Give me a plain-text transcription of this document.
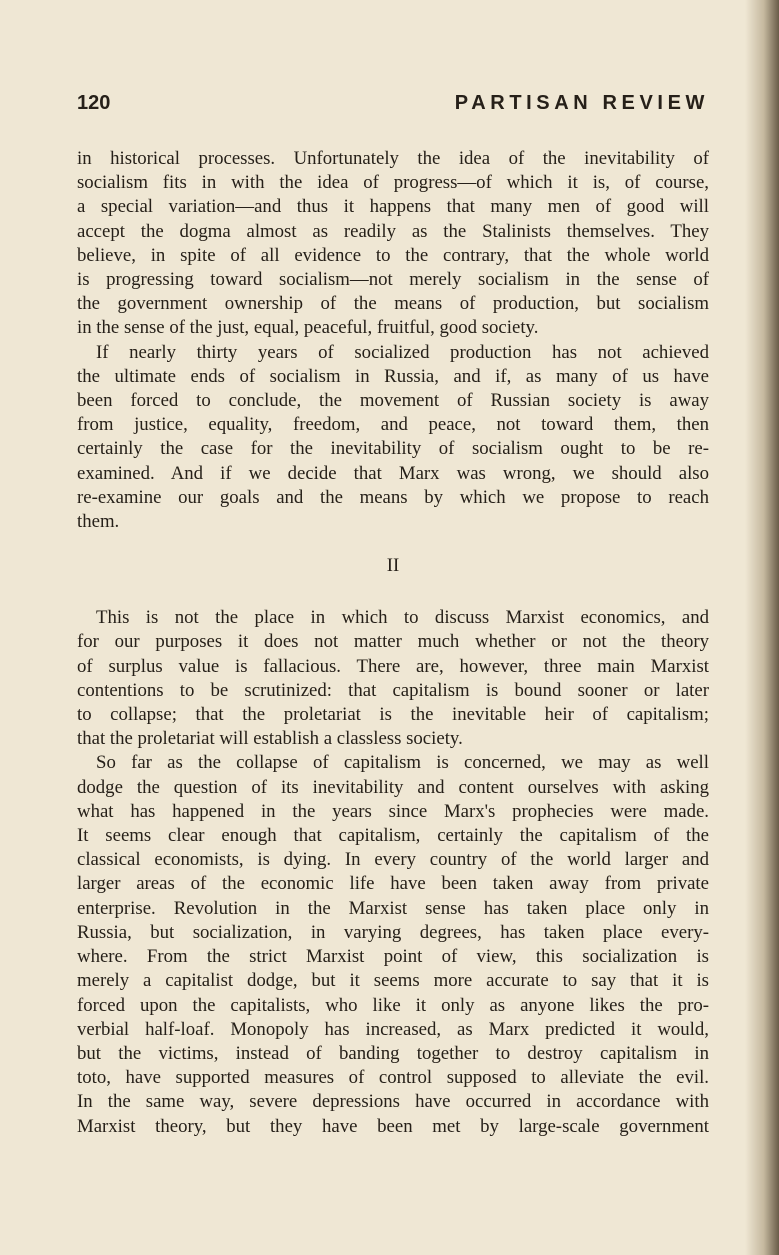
120	PARTISAN REVIEW
in historical processes. Unfortunately the idea of the inevitability of
socialism fits in with the idea of progress—of which it is, of course,
a special variation—and thus it happens that many men of good will
accept the dogma almost as readily as the Stalinists themselves. They
believe, in spite of all evidence to the contrary, that the whole world
is progressing toward socialism—not merely socialism in the sense of
the government ownership of the means of production, but socialism
in the sense of the just, equal, peaceful, fruitful, good society.
If nearly thirty years of socialized production has not achieved
the ultimate ends of socialism in Russia, and if, as many of us have
been forced to conclude, the movement of Russian society is away
from justice, equality, freedom, and peace, not toward them, then
certainly the case for the inevitability of socialism ought to be re-
examined. And if we decide that Marx was wrong, we should also
re-examine our goals and the means by which we propose to reach
them.
II
This is not the place in which to discuss Marxist economics, and
for our purposes it does not matter much whether or not the theory
of surplus value is fallacious. There are, however, three main Marxist
contentions to be scrutinized: that capitalism is bound sooner or later
to collapse; that the proletariat is the inevitable heir of capitalism;
that the proletariat will establish a classless society.
So far as the collapse of capitalism is concerned, we may as well
dodge the question of its inevitability and content ourselves with asking
what has happened in the years since Marx's prophecies were made.
It seems clear enough that capitalism, certainly the capitalism of the
classical economists, is dying. In every country of the world larger and
larger areas of the economic life have been taken away from private
enterprise. Revolution in the Marxist sense has taken place only in
Russia, but socialization, in varying degrees, has taken place every-
where. From the strict Marxist point of view, this socialization is
merely a capitalist dodge, but it seems more accurate to say that it is
forced upon the capitalists, who like it only as anyone likes the pro-
verbial half-loaf. Monopoly has increased, as Marx predicted it would,
but the victims, instead of banding together to destroy capitalism in
toto, have supported measures of control supposed to alleviate the evil.
In the same way, severe depressions have occurred in accordance with
Marxist theory, but they have been met by large-scale government
